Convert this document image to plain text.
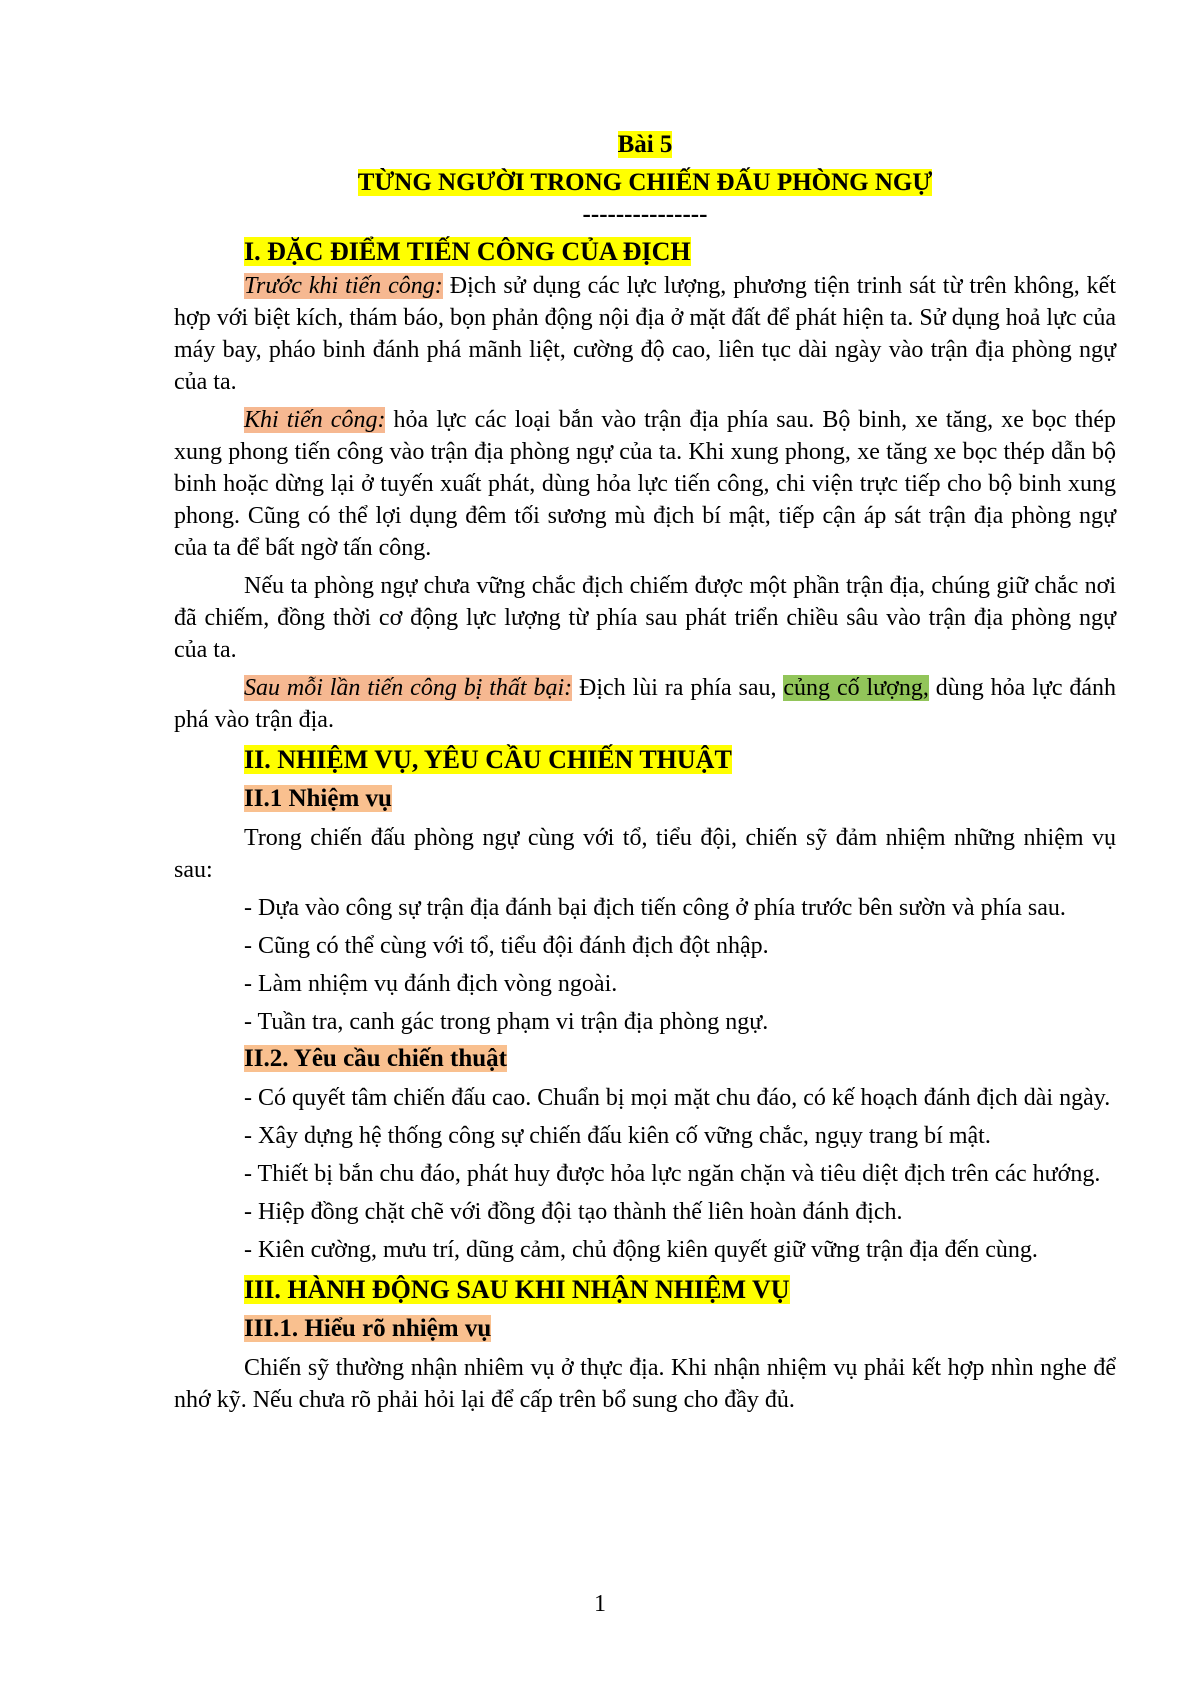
Bài 5
TỪNG NGƯỜI TRONG CHIẾN ĐẤU PHÒNG NGỰ
---------------
I. ĐẶC ĐIỂM TIẾN CÔNG CỦA ĐỊCH

Trước khi tiến công: Địch sử dụng các lực lượng, phương tiện trinh sát từ trên không, kết hợp với biệt kích, thám báo, bọn phản động nội địa ở mặt đất để phát hiện ta. Sử dụng hoả lực của máy bay, pháo binh đánh phá mãnh liệt, cường độ cao, liên tục dài ngày vào trận địa phòng ngự của ta.

Khi tiến công: hỏa lực các loại bắn vào trận địa phía sau. Bộ binh, xe tăng, xe bọc thép xung phong tiến công vào trận địa phòng ngự của ta. Khi xung phong, xe tăng xe bọc thép dẫn bộ binh hoặc dừng lại ở tuyến xuất phát, dùng hỏa lực tiến công, chi viện trực tiếp cho bộ binh xung phong. Cũng có thể lợi dụng đêm tối sương mù địch bí mật, tiếp cận áp sát trận địa phòng ngự của ta để bất ngờ tấn công.

Nếu ta phòng ngự chưa vững chắc địch chiếm được một phần trận địa, chúng giữ chắc nơi đã chiếm, đồng thời cơ động lực lượng từ phía sau phát triển chiều sâu vào trận địa phòng ngự của ta.

Sau mỗi lần tiến công bị thất bại: Địch lùi ra phía sau, củng cố lượng, dùng hỏa lực đánh phá vào trận địa.

II. NHIỆM VỤ, YÊU CẦU CHIẾN THUẬT
II.1 Nhiệm vụ

Trong chiến đấu phòng ngự cùng với tổ, tiểu đội, chiến sỹ đảm nhiệm những nhiệm vụ sau:

- Dựa vào công sự trận địa đánh bại địch tiến công ở phía trước bên sườn và phía sau.

- Cũng có thể cùng với tổ, tiểu đội đánh địch đột nhập.

- Làm nhiệm vụ đánh địch vòng ngoài.

- Tuần tra, canh gác trong phạm vi trận địa phòng ngự.

II.2. Yêu cầu chiến thuật

- Có quyết tâm chiến đấu cao. Chuẩn bị mọi mặt chu đáo, có kế hoạch đánh địch dài ngày.

- Xây dựng hệ thống công sự chiến đấu kiên cố vững chắc, ngụy trang bí mật.

- Thiết bị bắn chu đáo, phát huy được hỏa lực ngăn chặn và tiêu diệt địch trên các hướng.

- Hiệp đồng chặt chẽ với đồng đội tạo thành thế liên hoàn đánh địch.

- Kiên cường, mưu trí, dũng cảm, chủ động kiên quyết giữ vững trận địa đến cùng.

III. HÀNH ĐỘNG SAU KHI NHẬN NHIỆM VỤ
III.1. Hiểu rõ nhiệm vụ

Chiến sỹ thường nhận nhiêm vụ ở thực địa. Khi nhận nhiệm vụ phải kết hợp nhìn nghe để nhớ kỹ. Nếu chưa rõ phải hỏi lại để cấp trên bổ sung cho đầy đủ.

1
